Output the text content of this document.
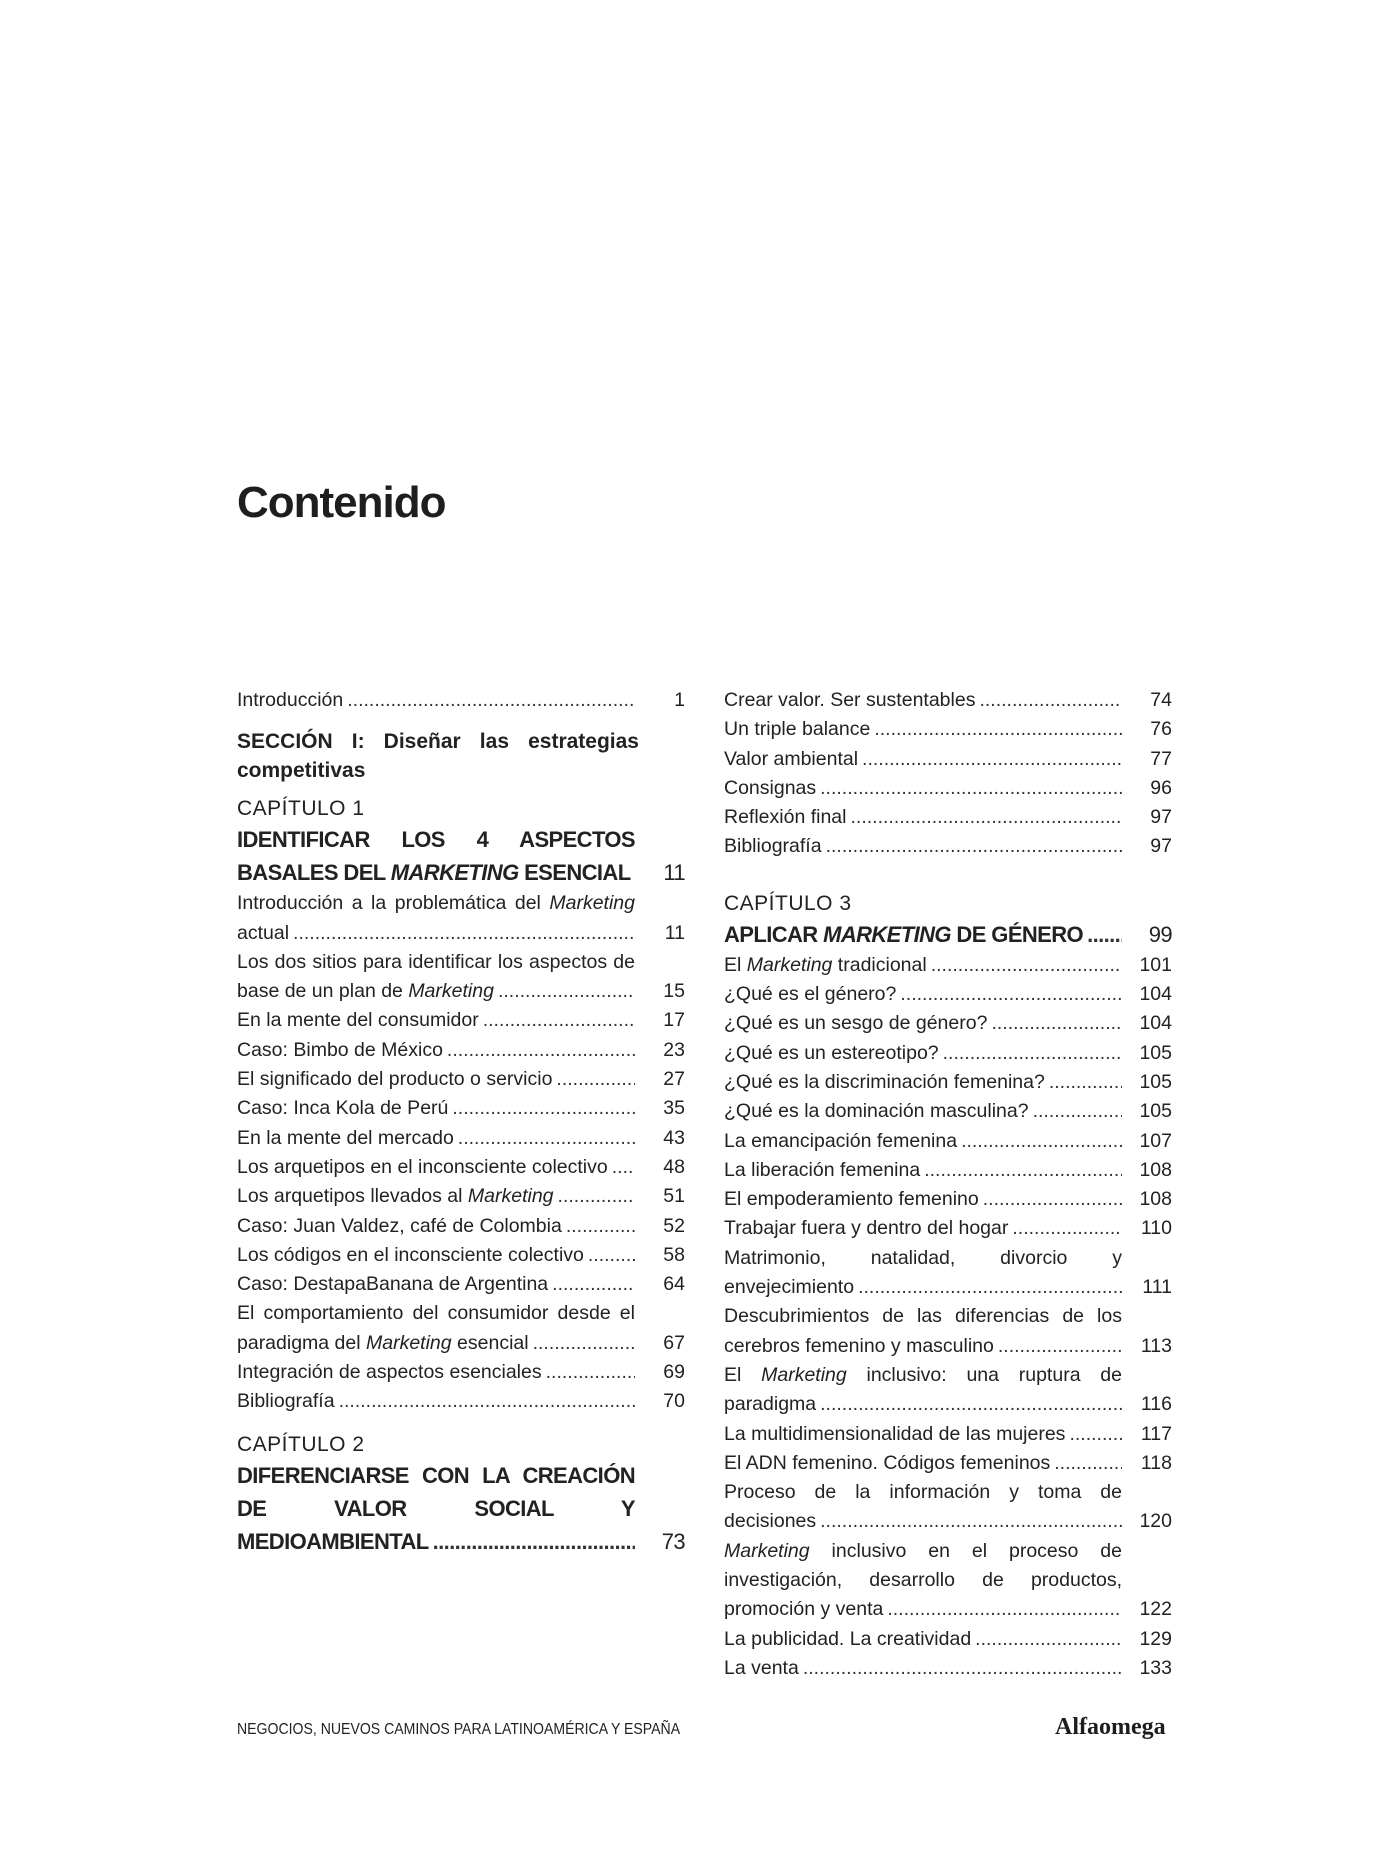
Contenido
Introducción .....	1
SECCIÓN I: Diseñar las estrategias competitivas
CAPÍTULO 1
IDENTIFICAR LOS 4 ASPECTOS BASALES DEL MARKETING ESENCIAL .....	11
Introducción a la problemática del Marketing actual .....	11
Los dos sitios para identificar los aspectos de base de un plan de Marketing .....	15
En la mente del consumidor .....	17
Caso: Bimbo de México .....	23
El significado del producto o servicio .....	27
Caso: Inca Kola de Perú .....	35
En la mente del mercado .....	43
Los arquetipos en el inconsciente colectivo .....	48
Los arquetipos llevados al Marketing .....	51
Caso: Juan Valdez, café de Colombia .....	52
Los códigos en el inconsciente colectivo .....	58
Caso: DestapaBanana de Argentina .....	64
El comportamiento del consumidor desde el paradigma del Marketing esencial .....	67
Integración de aspectos esenciales .....	69
Bibliografía .....	70
CAPÍTULO 2
DIFERENCIARSE CON LA CREACIÓN DE VALOR SOCIAL Y MEDIOAMBIENTAL .....	73
Crear valor. Ser sustentables .....	74
Un triple balance .....	76
Valor ambiental .....	77
Consignas .....	96
Reflexión final .....	97
Bibliografía .....	97
CAPÍTULO 3
APLICAR MARKETING DE GÉNERO .....	99
El Marketing tradicional .....	101
¿Qué es el género? .....	104
¿Qué es un sesgo de género? .....	104
¿Qué es un estereotipo? .....	105
¿Qué es la discriminación femenina? .....	105
¿Qué es la dominación masculina? .....	105
La emancipación femenina .....	107
La liberación femenina .....	108
El empoderamiento femenino .....	108
Trabajar fuera y dentro del hogar .....	110
Matrimonio, natalidad, divorcio y envejecimiento .....	111
Descubrimientos de las diferencias de los cerebros femenino y masculino .....	113
El Marketing inclusivo: una ruptura de paradigma .....	116
La multidimensionalidad de las mujeres .....	117
El ADN femenino. Códigos femeninos .....	118
Proceso de la información y toma de decisiones .....	120
Marketing inclusivo en el proceso de investigación, desarrollo de productos, promoción y venta .....	122
La publicidad. La creatividad .....	129
La venta .....	133
NEGOCIOS, NUEVOS CAMINOS PARA LATINOAMÉRICA Y ESPAÑA	Alfaomega
